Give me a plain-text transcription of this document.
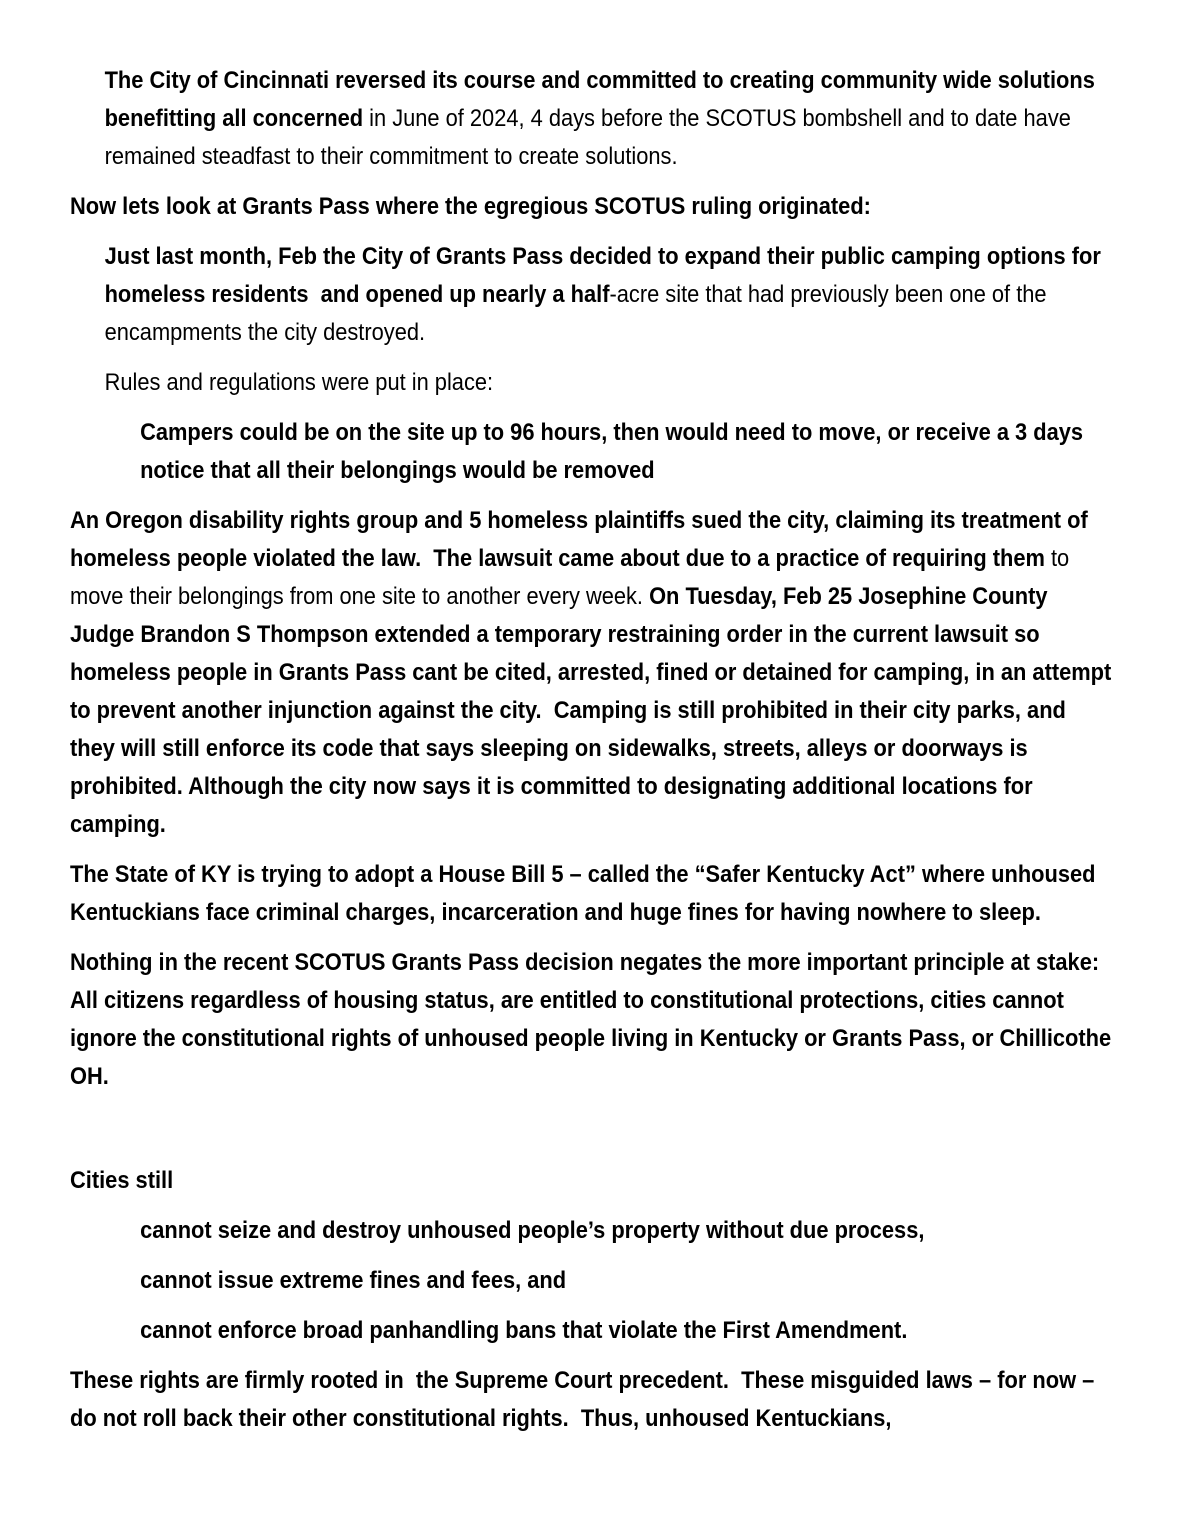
The City of Cincinnati reversed its course and committed to creating community wide solutions benefitting all concerned in June of 2024, 4 days before the SCOTUS bombshell and to date have remained steadfast to their commitment to create solutions.
Now lets look at Grants Pass where the egregious SCOTUS ruling originated:
Just last month, Feb the City of Grants Pass decided to expand their public camping options for homeless residents  and opened up nearly a half-acre site that had previously been one of the encampments the city destroyed.
Rules and regulations were put in place:
Campers could be on the site up to 96 hours, then would need to move, or receive a 3 days notice that all their belongings would be removed
An Oregon disability rights group and 5 homeless plaintiffs sued the city, claiming its treatment of homeless people violated the law.  The lawsuit came about due to a practice of requiring them to move their belongings from one site to another every week. On Tuesday, Feb 25 Josephine County Judge Brandon S Thompson extended a temporary restraining order in the current lawsuit so homeless people in Grants Pass cant be cited, arrested, fined or detained for camping, in an attempt to prevent another injunction against the city.  Camping is still prohibited in their city parks, and they will still enforce its code that says sleeping on sidewalks, streets, alleys or doorways is prohibited. Although the city now says it is committed to designating additional locations for camping.
The State of KY is trying to adopt a House Bill 5 – called the “Safer Kentucky Act” where unhoused Kentuckians face criminal charges, incarceration and huge fines for having nowhere to sleep.
Nothing in the recent SCOTUS Grants Pass decision negates the more important principle at stake: All citizens regardless of housing status, are entitled to constitutional protections, cities cannot ignore the constitutional rights of unhoused people living in Kentucky or Grants Pass, or Chillicothe OH.
Cities still
cannot seize and destroy unhoused people’s property without due process,
cannot issue extreme fines and fees, and
cannot enforce broad panhandling bans that violate the First Amendment.
These rights are firmly rooted in  the Supreme Court precedent.  These misguided laws – for now – do not roll back their other constitutional rights.  Thus, unhoused Kentuckians,
